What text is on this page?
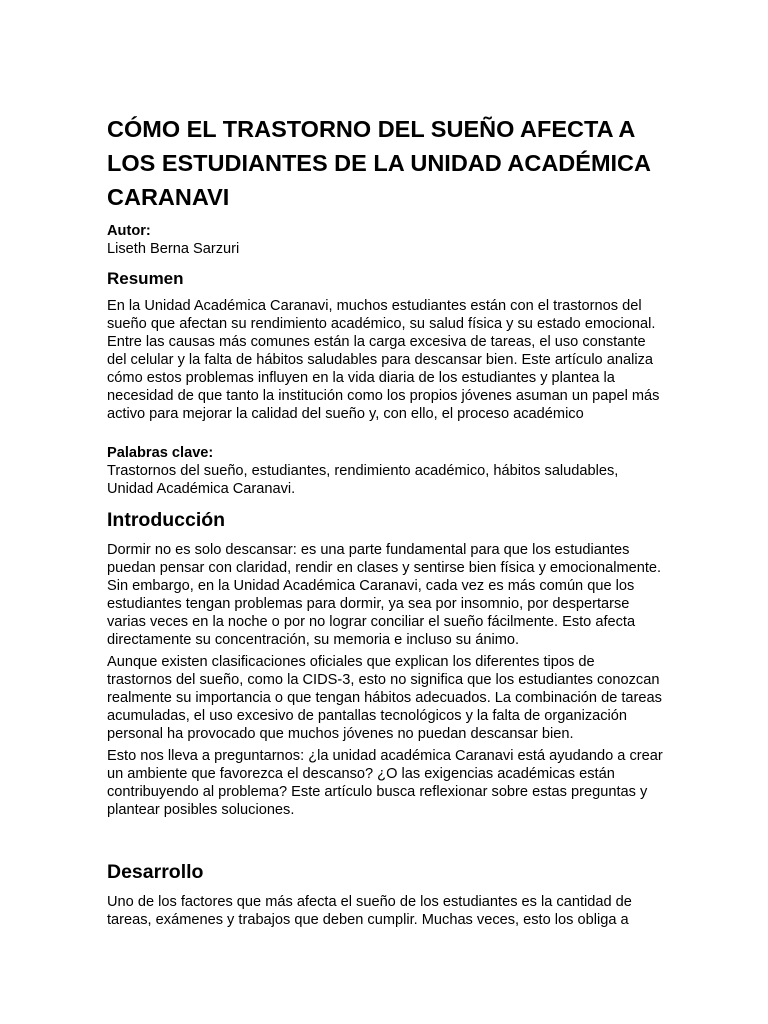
CÓMO EL TRASTORNO DEL SUEÑO AFECTA A LOS ESTUDIANTES DE LA UNIDAD ACADÉMICA CARANAVI

Autor:

Liseth Berna Sarzuri

Resumen

En la Unidad Académica Caranavi, muchos estudiantes están con el trastornos del sueño que afectan su rendimiento académico, su salud física y su estado emocional. Entre las causas más comunes están la carga excesiva de tareas, el uso constante del celular y la falta de hábitos saludables para descansar bien. Este artículo analiza cómo estos problemas influyen en la vida diaria de los estudiantes y plantea la necesidad de que tanto la institución como los propios jóvenes asuman un papel más activo para mejorar la calidad del sueño y, con ello, el proceso académico

Palabras clave:

Trastornos del sueño, estudiantes, rendimiento académico, hábitos saludables, Unidad Académica Caranavi.

Introducción

Dormir no es solo descansar: es una parte fundamental para que los estudiantes puedan pensar con claridad, rendir en clases y sentirse bien física y emocionalmente. Sin embargo, en la Unidad Académica Caranavi, cada vez es más común que los estudiantes tengan problemas para dormir, ya sea por insomnio, por despertarse varias veces en la noche o por no lograr conciliar el sueño fácilmente. Esto afecta directamente su concentración, su memoria e incluso su ánimo.

Aunque existen clasificaciones oficiales que explican los diferentes tipos de trastornos del sueño, como la CIDS-3, esto no significa que los estudiantes conozcan realmente su importancia o que tengan hábitos adecuados. La combinación de tareas acumuladas, el uso excesivo de pantallas tecnológicos y la falta de organización personal ha provocado que muchos jóvenes no puedan descansar bien.

Esto nos lleva a preguntarnos: ¿la unidad académica Caranavi está ayudando a crear un ambiente que favorezca el descanso? ¿O las exigencias académicas están contribuyendo al problema? Este artículo busca reflexionar sobre estas preguntas y plantear posibles soluciones.

Desarrollo

Uno de los factores que más afecta el sueño de los estudiantes es la cantidad de tareas, exámenes y trabajos que deben cumplir. Muchas veces, esto los obliga a
